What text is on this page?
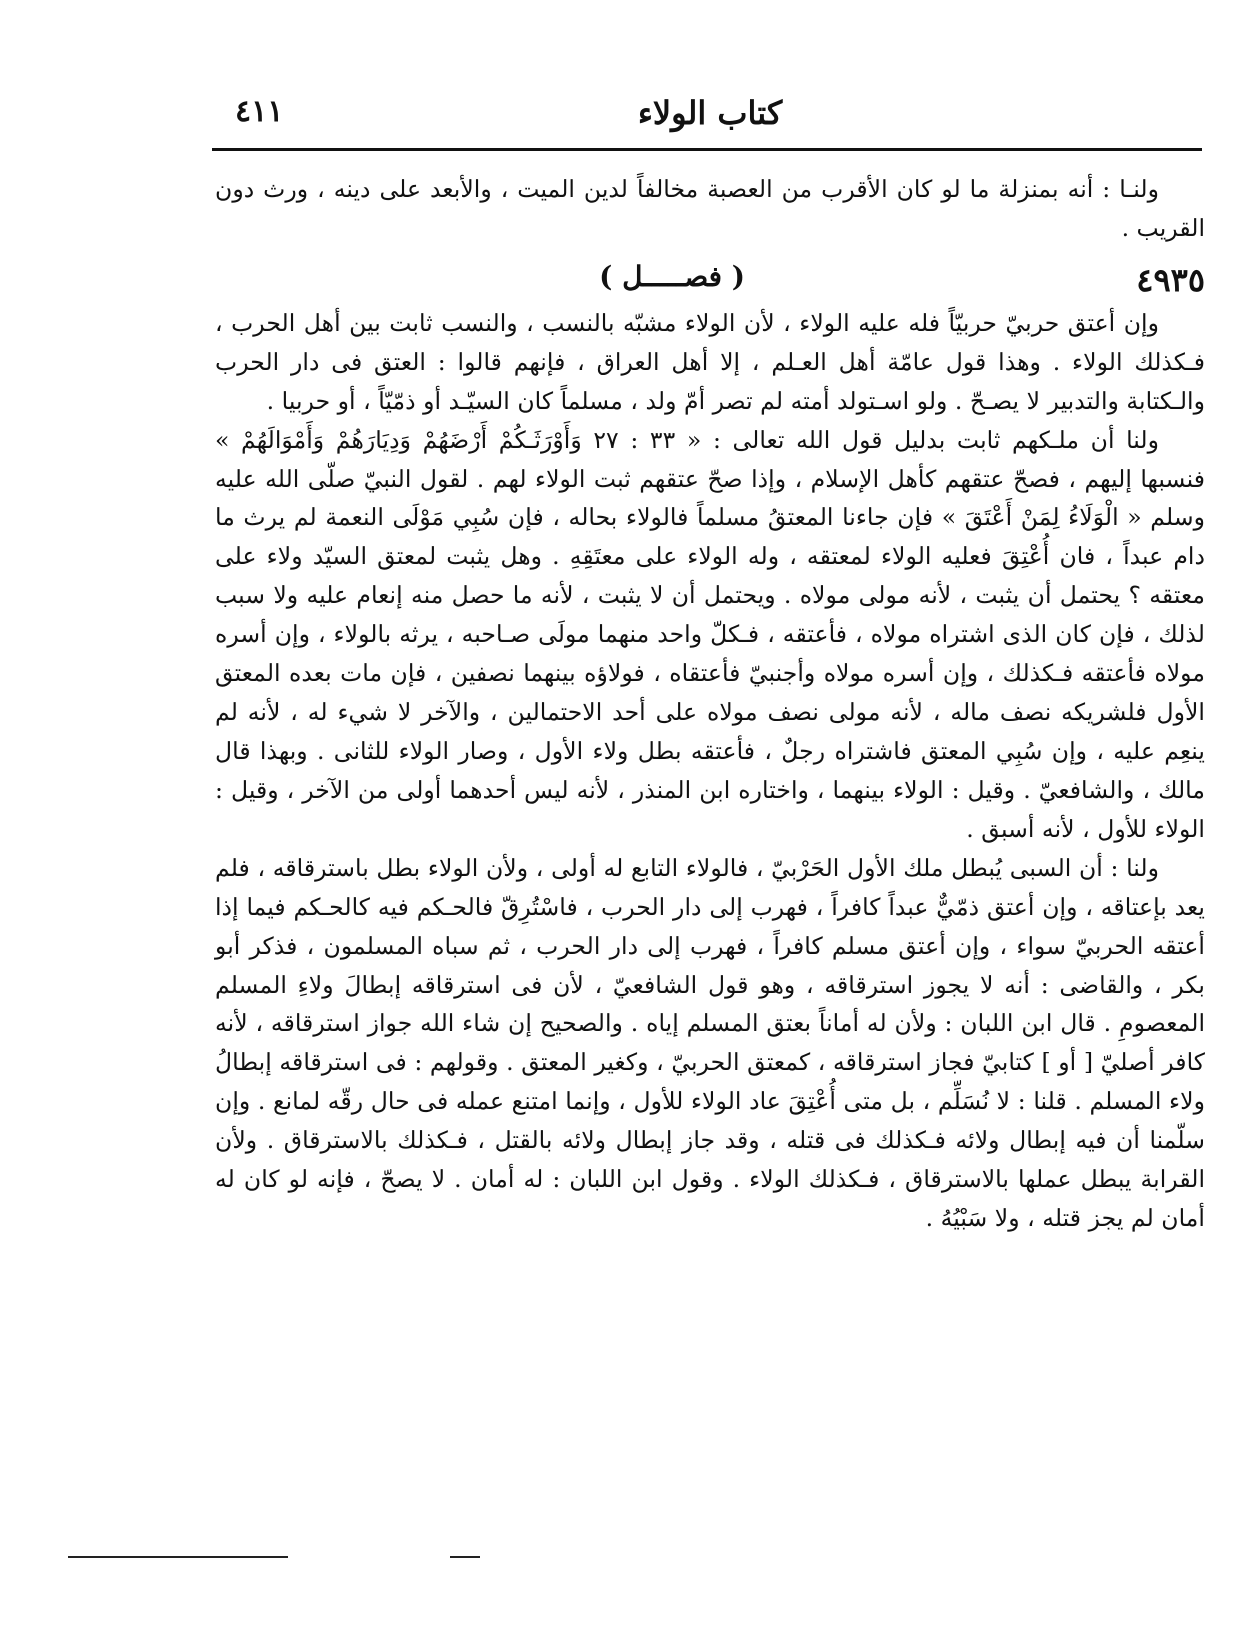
٤١١	كتاب الولاء

ولنـا : أنه بمنزلة ما لو كان الأقرب من العصبة مخالفاً لدين الميت ، والأبعد على دينه ، ورث دون القريب .

٤٩٣٥
( فصـــــل )

وإن أعتق حربيّ حربيّاً فله عليه الولاء ، لأن الولاء مشبّه بالنسب ، والنسب ثابت بين أهل الحرب ، فـكذلك الولاء . وهذا قول عامّة أهل العـلم ، إلا أهل العراق ، فإنهم قالوا : العتق فى دار الحرب والـكتابة والتدبير لا يصـحّ . ولو اسـتولد أمته لم تصر أمّ ولد ، مسلماً كان السيّـد أو ذمّيّاً ، أو حربيا .

ولنا أن ملـكهم ثابت بدليل قول الله تعالى : « ٣٣ : ٢٧ وَأَوْرَثَـكُمْ أَرْضَهُمْ وَدِيَارَهُمْ وَأَمْوَالَهُمْ » فنسبها إليهم ، فصحّ عتقهم كأهل الإسلام ، وإذا صحّ عتقهم ثبت الولاء لهم . لقول النبيّ صلّى الله عليه وسلم « الْوَلَاءُ لِمَنْ أَعْتَقَ » فإن جاءنا المعتقُ مسلماً فالولاء بحاله ، فإن سُبِي مَوْلَى النعمة لم يرث ما دام عبداً ، فان أُعْتِقَ فعليه الولاء لمعتقه ، وله الولاء على معتَقِهِ . وهل يثبت لمعتق السيّد ولاء على معتقه ؟ يحتمل أن يثبت ، لأنه مولى مولاه . ويحتمل أن لا يثبت ، لأنه ما حصل منه إنعام عليه ولا سبب لذلك ، فإن كان الذى اشتراه مولاه ، فأعتقه ، فـكلّ واحد منهما مولَى صـاحبه ، يرثه بالولاء ، وإن أسره مولاه فأعتقه فـكذلك ، وإن أسره مولاه وأجنبيّ فأعتقاه ، فولاؤه بينهما نصفين ، فإن مات بعده المعتق الأول فلشريكه نصف ماله ، لأنه مولى نصف مولاه على أحد الاحتمالين ، والآخر لا شيء له ، لأنه لم ينعِم عليه ، وإن سُبِي المعتق فاشتراه رجلٌ ، فأعتقه بطل ولاء الأول ، وصار الولاء للثانى . وبهذا قال مالك ، والشافعيّ . وقيل : الولاء بينهما ، واختاره ابن المنذر ، لأنه ليس أحدهما أولى من الآخر ، وقيل : الولاء للأول ، لأنه أسبق .

ولنا : أن السبى يُبطل ملك الأول الحَرْبيّ ، فالولاء التابع له أولى ، ولأن الولاء بطل باسترقاقه ، فلم يعد بإعتاقه ، وإن أعتق ذمّيٌّ عبداً كافراً ، فهرب إلى دار الحرب ، فاسْتُرِقّ فالحـكم فيه كالحـكم فيما إذا أعتقه الحربيّ سواء ، وإن أعتق مسلم كافراً ، فهرب إلى دار الحرب ، ثم سباه المسلمون ، فذكر أبو بكر ، والقاضى : أنه لا يجوز استرقاقه ، وهو قول الشافعيّ ، لأن فى استرقاقه إبطالَ ولاءِ المسلم المعصومِ . قال ابن اللبان : ولأن له أماناً بعتق المسلم إياه . والصحيح إن شاء الله جواز استرقاقه ، لأنه كافر أصليّ [ أو ] كتابيّ فجاز استرقاقه ، كمعتق الحربيّ ، وكغير المعتق . وقولهم : فى استرقاقه إبطالُ ولاء المسلم . قلنا : لا نُسَلِّم ، بل متى أُعْتِقَ عاد الولاء للأول ، وإنما امتنع عمله فى حال رقّه لمانع . وإن سلّمنا أن فيه إبطال ولائه فـكذلك فى قتله ، وقد جاز إبطال ولائه بالقتل ، فـكذلك بالاسترقاق . ولأن القرابة يبطل عملها بالاسترقاق ، فـكذلك الولاء . وقول ابن اللبان : له أمان . لا يصحّ ، فإنه لو كان له أمان لم يجز قتله ، ولا سَبْيُهُ .
